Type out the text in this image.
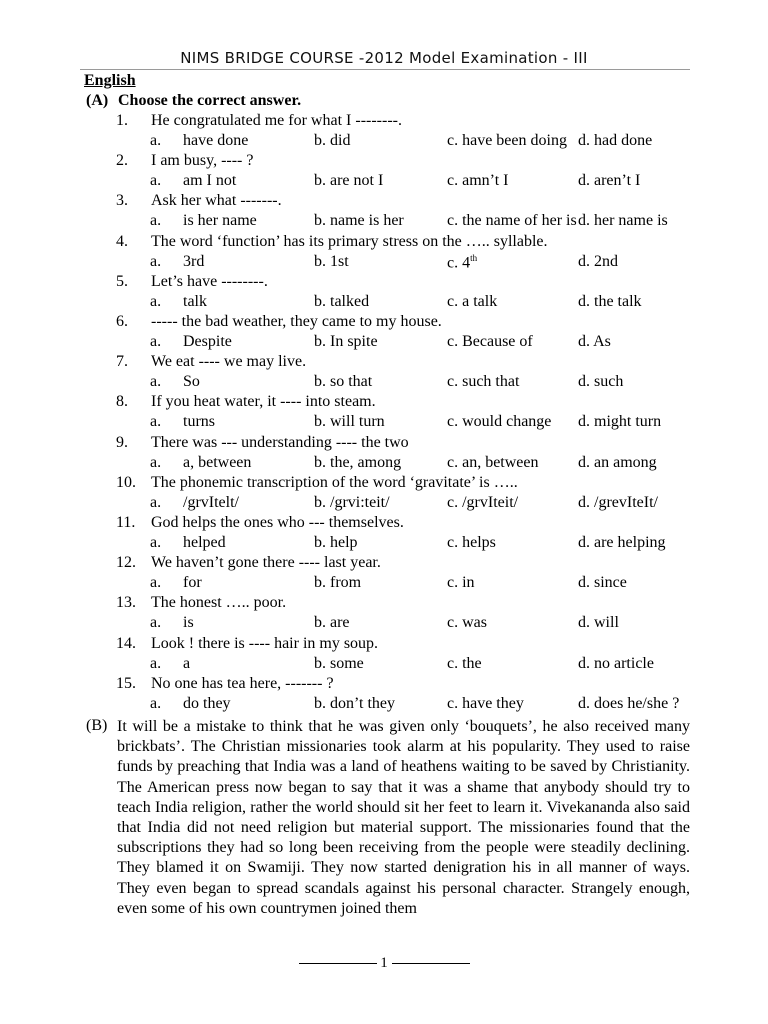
NIMS BRIDGE COURSE -2012 Model Examination - III
English
(A) Choose the correct answer.
1.	He congratulated me for what I --------.
a. have done	b. did	c. have been doing d. had done
2.	I am busy, ---- ?
a. am I not	b. are not I	c. amn’t I	d. aren’t I
3.	Ask her what -------.
a. is her name	b. name is her	c. the name of her is d. her name is
4.	The word ‘function’ has its primary stress on the ….. syllable.
a. 3rd	b. 1st	c. 4th	d. 2nd
5.	Let’s have --------.
a. talk	b. talked	c. a talk	d. the talk
6.	----- the bad weather, they came to my house.
a. Despite	b. In spite	c. Because of	d. As
7.	We eat ---- we may live.
a. So	b. so that	c. such that	d. such
8.	If you heat water, it ---- into steam.
a. turns	b. will turn	c. would change d. might turn
9.	There was --- understanding ---- the two
a. a, between	b. the, among	c. an, between d. an among
10. The phonemic transcription of the word ‘gravitate’ is …..
a. /grvItelt/	b. /grvi:teit/	c. /grvIteit/	d. /grevIteIt/
11. God helps the ones who --- themselves.
a. helped	b. help	c. helps	d. are helping
12. We haven’t gone there ---- last year.
a. for	b. from	c. in	d. since
13. The honest ….. poor.
a. is	b. are	c. was	d. will
14. Look ! there is ---- hair in my soup.
a. a	b. some	c. the	d. no article
15. No one has tea here, ------- ?
a. do they	b. don’t they	c. have they	d. does he/she ?
(B) It will be a mistake to think that he was given only ‘bouquets’, he also received many brickbats’. The Christian missionaries took alarm at his popularity. They used to raise funds by preaching that India was a land of heathens waiting to be saved by Christianity. The American press now began to say that it was a shame that anybody should try to teach India religion, rather the world should sit her feet to learn it. Vivekananda also said that India did not need religion but material support. The missionaries found that the subscriptions they had so long been receiving from the people were steadily declining. They blamed it on Swamiji. They now started denigration his in all manner of ways. They even began to spread scandals against his personal character. Strangely enough, even some of his own countrymen joined them
1
